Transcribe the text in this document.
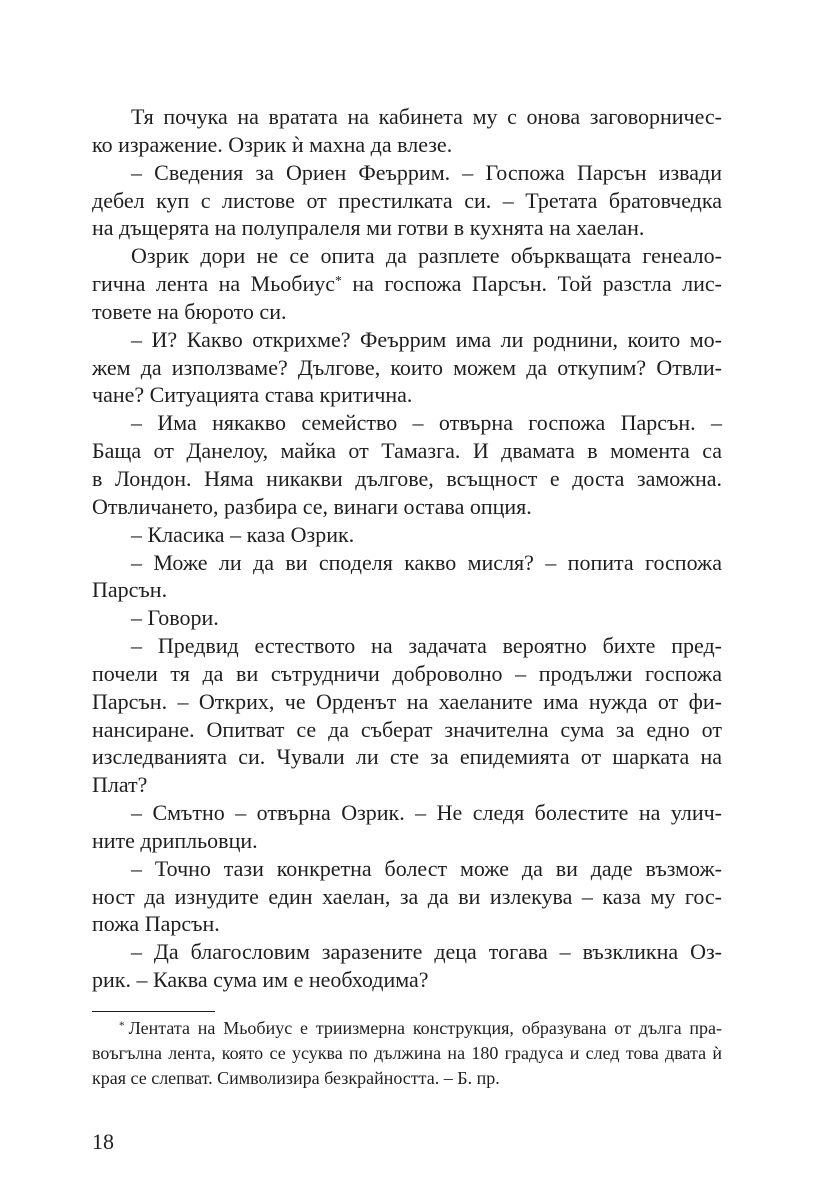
Тя почука на вратата на кабинета му с онова заговорничес-
ко изражение. Озрик ѝ махна да влезе.
– Сведения за Ориен Феъррим. – Госпожа Парсън извади
дебел куп с листове от престилката си. – Третата братовчедка
на дъщерята на полупралеля ми готви в кухнята на хаелан.
Озрик дори не се опита да разплете объркващата генеало-
гична лента на Мьобиус* на госпожа Парсън. Той разстла лис-
товете на бюрото си.
– И? Какво открихме? Феъррим има ли роднини, които мо-
жем да използваме? Дългове, които можем да откупим? Отвли-
чане? Ситуацията става критична.
– Има някакво семейство – отвърна госпожа Парсън. –
Баща от Данелоу, майка от Тамазга. И двамата в момента са
в Лондон. Няма никакви дългове, всъщност е доста заможна.
Отвличането, разбира се, винаги остава опция.
– Класика – каза Озрик.
– Може ли да ви споделя какво мисля? – попита госпожа
Парсън.
– Говори.
– Предвид естеството на задачата вероятно бихте пред-
почели тя да ви сътрудничи доброволно – продължи госпожа
Парсън. – Открих, че Орденът на хаеланите има нужда от фи-
нансиране. Опитват се да съберат значителна сума за едно от
изследванията си. Чували ли сте за епидемията от шарката на
Плат?
– Смътно – отвърна Озрик. – Не следя болестите на улич-
ните дрипльовци.
– Точно тази конкретна болест може да ви даде възмож-
ност да изнудите един хаелан, за да ви излекува – каза му гос-
пожа Парсън.
– Да благословим заразените деца тогава – възкликна Оз-
рик. – Каква сума им е необходима?
* Лентата на Мьобиус е триизмерна конструкция, образувана от дълга пра-
воъгълна лента, която се усуква по дължина на 180 градуса и след това двата ѝ
края се слепват. Символизира безкрайността. – Б. пр.
18
